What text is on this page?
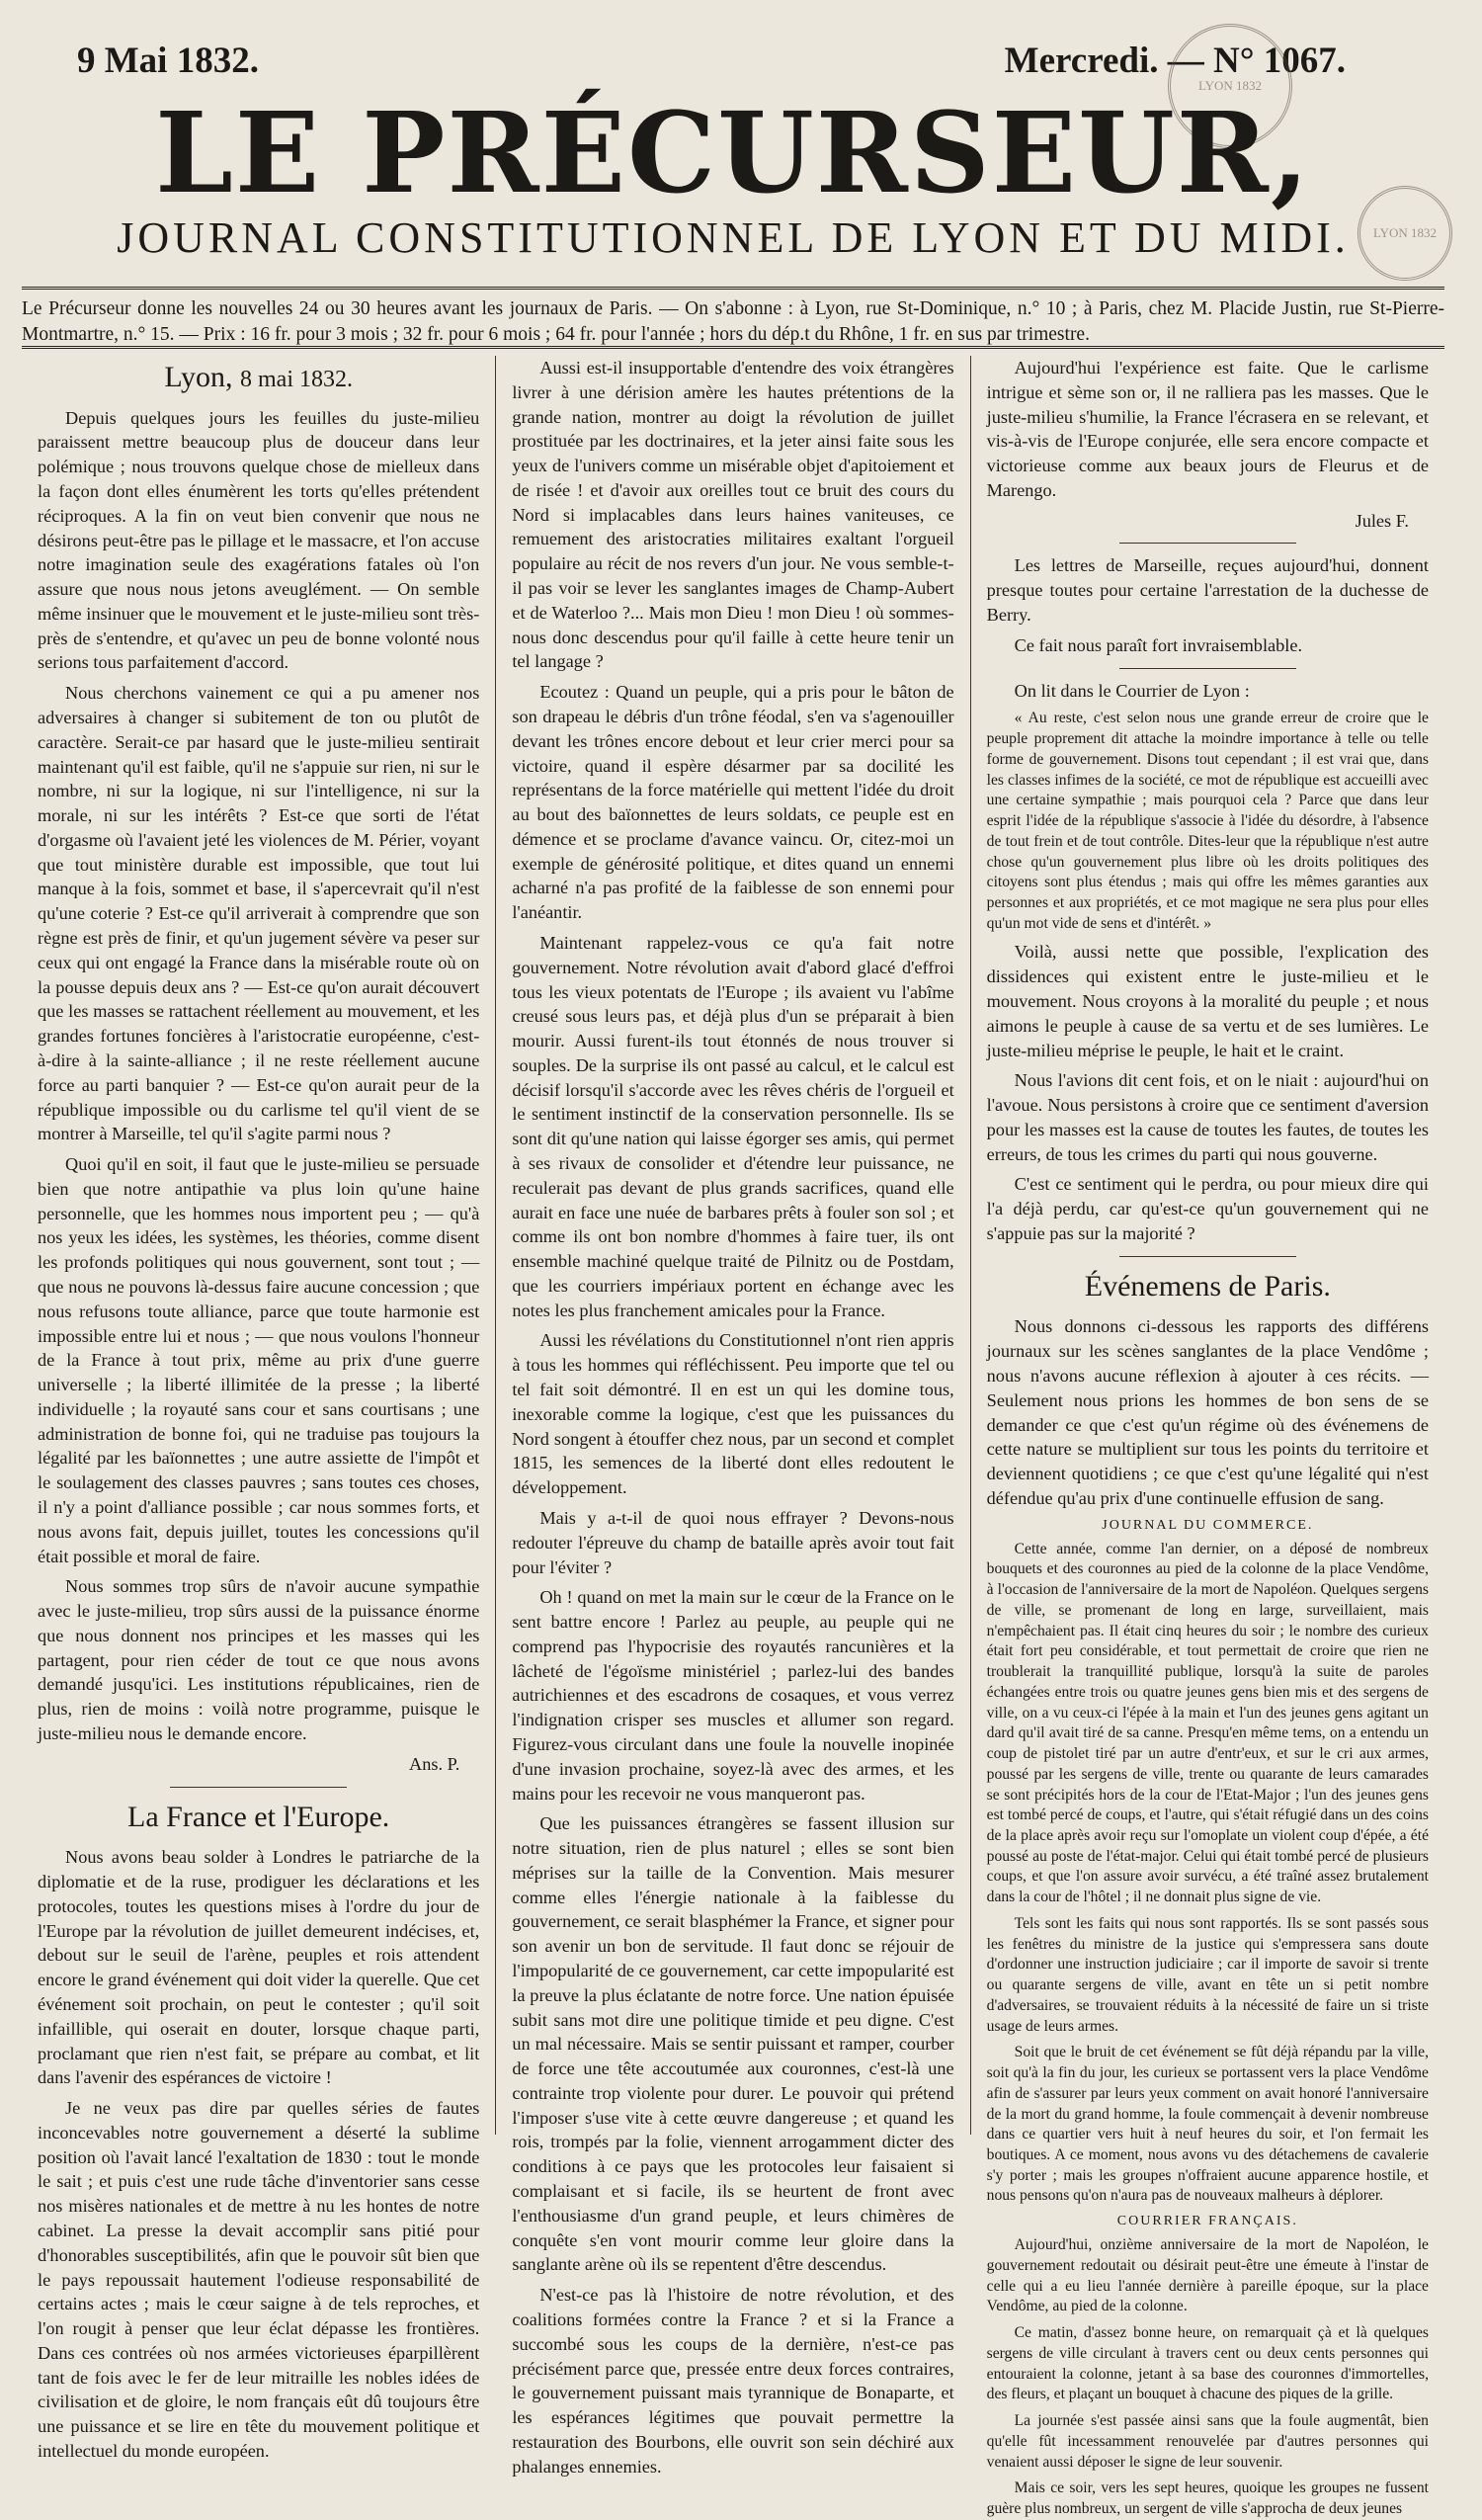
9 Mai 1832.	Mercredi. — N° 1067.
LYON 1832
LYON 1832
LE PRÉCURSEUR,
JOURNAL CONSTITUTIONNEL DE LYON ET DU MIDI.
Le Précurseur donne les nouvelles 24 ou 30 heures avant les journaux de Paris. — On s'abonne : à Lyon, rue St-Dominique, n.° 10 ; à Paris, chez M. Placide Justin, rue St-Pierre-Montmartre, n.° 15. — Prix : 16 fr. pour 3 mois ; 32 fr. pour 6 mois ; 64 fr. pour l'année ; hors du dép.t du Rhône, 1 fr. en sus par trimestre.
Lyon, 8 mai 1832.

Depuis quelques jours les feuilles du juste-milieu paraissent mettre beaucoup plus de douceur dans leur polémique ; nous trouvons quelque chose de mielleux dans la façon dont elles énumèrent les torts qu'elles prétendent réciproques. A la fin on veut bien convenir que nous ne désirons peut-être pas le pillage et le massacre, et l'on accuse notre imagination seule des exagérations fatales où l'on assure que nous nous jetons aveuglément. — On semble même insinuer que le mouvement et le juste-milieu sont très-près de s'entendre, et qu'avec un peu de bonne volonté nous serions tous parfaitement d'accord.

Nous cherchons vainement ce qui a pu amener nos adversaires à changer si subitement de ton ou plutôt de caractère. Serait-ce par hasard que le juste-milieu sentirait maintenant qu'il est faible, qu'il ne s'appuie sur rien, ni sur le nombre, ni sur la logique, ni sur l'intelligence, ni sur la morale, ni sur les intérêts ? Est-ce que sorti de l'état d'orgasme où l'avaient jeté les violences de M. Périer, voyant que tout ministère durable est impossible, que tout lui manque à la fois, sommet et base, il s'apercevrait qu'il n'est qu'une coterie ? Est-ce qu'il arriverait à comprendre que son règne est près de finir, et qu'un jugement sévère va peser sur ceux qui ont engagé la France dans la misérable route où on la pousse depuis deux ans ? — Est-ce qu'on aurait découvert que les masses se rattachent réellement au mouvement, et les grandes fortunes foncières à l'aristocratie européenne, c'est-à-dire à la sainte-alliance ; il ne reste réellement aucune force au parti banquier ? — Est-ce qu'on aurait peur de la république impossible ou du carlisme tel qu'il vient de se montrer à Marseille, tel qu'il s'agite parmi nous ?

Quoi qu'il en soit, il faut que le juste-milieu se persuade bien que notre antipathie va plus loin qu'une haine personnelle, que les hommes nous importent peu ; — qu'à nos yeux les idées, les systèmes, les théories, comme disent les profonds politiques qui nous gouvernent, sont tout ; — que nous ne pouvons là-dessus faire aucune concession ; que nous refusons toute alliance, parce que toute harmonie est impossible entre lui et nous ; — que nous voulons l'honneur de la France à tout prix, même au prix d'une guerre universelle ; la liberté illimitée de la presse ; la liberté individuelle ; la royauté sans cour et sans courtisans ; une administration de bonne foi, qui ne traduise pas toujours la légalité par les baïonnettes ; une autre assiette de l'impôt et le soulagement des classes pauvres ; sans toutes ces choses, il n'y a point d'alliance possible ; car nous sommes forts, et nous avons fait, depuis juillet, toutes les concessions qu'il était possible et moral de faire.

Nous sommes trop sûrs de n'avoir aucune sympathie avec le juste-milieu, trop sûrs aussi de la puissance énorme que nous donnent nos principes et les masses qui les partagent, pour rien céder de tout ce que nous avons demandé jusqu'ici. Les institutions républicaines, rien de plus, rien de moins : voilà notre programme, puisque le juste-milieu nous le demande encore.

Ans. P.
La France et l'Europe.

Nous avons beau solder à Londres le patriarche de la diplomatie et de la ruse, prodiguer les déclarations et les protocoles, toutes les questions mises à l'ordre du jour de l'Europe par la révolution de juillet demeurent indécises, et, debout sur le seuil de l'arène, peuples et rois attendent encore le grand événement qui doit vider la querelle. Que cet événement soit prochain, on peut le contester ; qu'il soit infaillible, qui oserait en douter, lorsque chaque parti, proclamant que rien n'est fait, se prépare au combat, et lit dans l'avenir des espérances de victoire !

Je ne veux pas dire par quelles séries de fautes inconcevables notre gouvernement a déserté la sublime position où l'avait lancé l'exaltation de 1830 : tout le monde le sait ; et puis c'est une rude tâche d'inventorier sans cesse nos misères nationales et de mettre à nu les hontes de notre cabinet. La presse la devait accomplir sans pitié pour d'honorables susceptibilités, afin que le pouvoir sût bien que le pays repoussait hautement l'odieuse responsabilité de certains actes ; mais le cœur saigne à de tels reproches, et l'on rougit à penser que leur éclat dépasse les frontières. Dans ces contrées où nos armées victorieuses éparpillèrent tant de fois avec le fer de leur mitraille les nobles idées de civilisation et de gloire, le nom français eût dû toujours être une puissance et se lire en tête du mouvement politique et intellectuel du monde européen.

Aussi est-il insupportable d'entendre des voix étrangères livrer à une dérision amère les hautes prétentions de la grande nation, montrer au doigt la révolution de juillet prostituée par les doctrinaires, et la jeter ainsi faite sous les yeux de l'univers comme un misérable objet d'apitoiement et de risée ! et d'avoir aux oreilles tout ce bruit des cours du Nord si implacables dans leurs haines vaniteuses, ce remuement des aristocraties militaires exaltant l'orgueil populaire au récit de nos revers d'un jour. Ne vous semble-t-il pas voir se lever les sanglantes images de Champ-Aubert et de Waterloo ?... Mais mon Dieu ! mon Dieu ! où sommes-nous donc descendus pour qu'il faille à cette heure tenir un tel langage ?

Ecoutez : Quand un peuple, qui a pris pour le bâton de son drapeau le débris d'un trône féodal, s'en va s'agenouiller devant les trônes encore debout et leur crier merci pour sa victoire, quand il espère désarmer par sa docilité les représentans de la force matérielle qui mettent l'idée du droit au bout des baïonnettes de leurs soldats, ce peuple est en démence et se proclame d'avance vaincu. Or, citez-moi un exemple de générosité politique, et dites quand un ennemi acharné n'a pas profité de la faiblesse de son ennemi pour l'anéantir.

Maintenant rappelez-vous ce qu'a fait notre gouvernement. Notre révolution avait d'abord glacé d'effroi tous les vieux potentats de l'Europe ; ils avaient vu l'abîme creusé sous leurs pas, et déjà plus d'un se préparait à bien mourir. Aussi furent-ils tout étonnés de nous trouver si souples. De la surprise ils ont passé au calcul, et le calcul est décisif lorsqu'il s'accorde avec les rêves chéris de l'orgueil et le sentiment instinctif de la conservation personnelle. Ils se sont dit qu'une nation qui laisse égorger ses amis, qui permet à ses rivaux de consolider et d'étendre leur puissance, ne reculerait pas devant de plus grands sacrifices, quand elle aurait en face une nuée de barbares prêts à fouler son sol ; et comme ils ont bon nombre d'hommes à faire tuer, ils ont ensemble machiné quelque traité de Pilnitz ou de Postdam, que les courriers impériaux portent en échange avec les notes les plus franchement amicales pour la France.

Aussi les révélations du Constitutionnel n'ont rien appris à tous les hommes qui réfléchissent. Peu importe que tel ou tel fait soit démontré. Il en est un qui les domine tous, inexorable comme la logique, c'est que les puissances du Nord songent à étouffer chez nous, par un second et complet 1815, les semences de la liberté dont elles redoutent le développement.

Mais y a-t-il de quoi nous effrayer ? Devons-nous redouter l'épreuve du champ de bataille après avoir tout fait pour l'éviter ?

Oh ! quand on met la main sur le cœur de la France on le sent battre encore ! Parlez au peuple, au peuple qui ne comprend pas l'hypocrisie des royautés rancunières et la lâcheté de l'égoïsme ministériel ; parlez-lui des bandes autrichiennes et des escadrons de cosaques, et vous verrez l'indignation crisper ses muscles et allumer son regard. Figurez-vous circulant dans une foule la nouvelle inopinée d'une invasion prochaine, soyez-là avec des armes, et les mains pour les recevoir ne vous manqueront pas.

Que les puissances étrangères se fassent illusion sur notre situation, rien de plus naturel ; elles se sont bien méprises sur la taille de la Convention. Mais mesurer comme elles l'énergie nationale à la faiblesse du gouvernement, ce serait blasphémer la France, et signer pour son avenir un bon de servitude. Il faut donc se réjouir de l'impopularité de ce gouvernement, car cette impopularité est la preuve la plus éclatante de notre force. Une nation épuisée subit sans mot dire une politique timide et peu digne. C'est un mal nécessaire. Mais se sentir puissant et ramper, courber de force une tête accoutumée aux couronnes, c'est-là une contrainte trop violente pour durer. Le pouvoir qui prétend l'imposer s'use vite à cette œuvre dangereuse ; et quand les rois, trompés par la folie, viennent arrogamment dicter des conditions à ce pays que les protocoles leur faisaient si complaisant et si facile, ils se heurtent de front avec l'enthousiasme d'un grand peuple, et leurs chimères de conquête s'en vont mourir comme leur gloire dans la sanglante arène où ils se repentent d'être descendus.

N'est-ce pas là l'histoire de notre révolution, et des coalitions formées contre la France ? et si la France a succombé sous les coups de la dernière, n'est-ce pas précisément parce que, pressée entre deux forces contraires, le gouvernement puissant mais tyrannique de Bonaparte, et les espérances légitimes que pouvait permettre la restauration des Bourbons, elle ouvrit son sein déchiré aux phalanges ennemies.

Aujourd'hui l'expérience est faite. Que le carlisme intrigue et sème son or, il ne ralliera pas les masses. Que le juste-milieu s'humilie, la France l'écrasera en se relevant, et vis-à-vis de l'Europe conjurée, elle sera encore compacte et victorieuse comme aux beaux jours de Fleurus et de Marengo.

Jules F.

Les lettres de Marseille, reçues aujourd'hui, donnent presque toutes pour certaine l'arrestation de la duchesse de Berry.

Ce fait nous paraît fort invraisemblable.

On lit dans le Courrier de Lyon :

« Au reste, c'est selon nous une grande erreur de croire que le peuple proprement dit attache la moindre importance à telle ou telle forme de gouvernement. Disons tout cependant ; il est vrai que, dans les classes infimes de la société, ce mot de république est accueilli avec une certaine sympathie ; mais pourquoi cela ? Parce que dans leur esprit l'idée de la république s'associe à l'idée du désordre, à l'absence de tout frein et de tout contrôle. Dites-leur que la république n'est autre chose qu'un gouvernement plus libre où les droits politiques des citoyens sont plus étendus ; mais qui offre les mêmes garanties aux personnes et aux propriétés, et ce mot magique ne sera plus pour elles qu'un mot vide de sens et d'intérêt. »

Voilà, aussi nette que possible, l'explication des dissidences qui existent entre le juste-milieu et le mouvement. Nous croyons à la moralité du peuple ; et nous aimons le peuple à cause de sa vertu et de ses lumières. Le juste-milieu méprise le peuple, le hait et le craint.

Nous l'avions dit cent fois, et on le niait : aujourd'hui on l'avoue. Nous persistons à croire que ce sentiment d'aversion pour les masses est la cause de toutes les fautes, de toutes les erreurs, de tous les crimes du parti qui nous gouverne.

C'est ce sentiment qui le perdra, ou pour mieux dire qui l'a déjà perdu, car qu'est-ce qu'un gouvernement qui ne s'appuie pas sur la majorité ?

Événemens de Paris.

Nous donnons ci-dessous les rapports des différens journaux sur les scènes sanglantes de la place Vendôme ; nous n'avons aucune réflexion à ajouter à ces récits. — Seulement nous prions les hommes de bon sens de se demander ce que c'est qu'un régime où des événemens de cette nature se multiplient sur tous les points du territoire et deviennent quotidiens ; ce que c'est qu'une légalité qui n'est défendue qu'au prix d'une continuelle effusion de sang.

JOURNAL DU COMMERCE.

Cette année, comme l'an dernier, on a déposé de nombreux bouquets et des couronnes au pied de la colonne de la place Vendôme, à l'occasion de l'anniversaire de la mort de Napoléon. Quelques sergens de ville, se promenant de long en large, surveillaient, mais n'empêchaient pas. Il était cinq heures du soir ; le nombre des curieux était fort peu considérable, et tout permettait de croire que rien ne troublerait la tranquillité publique, lorsqu'à la suite de paroles échangées entre trois ou quatre jeunes gens bien mis et des sergens de ville, on a vu ceux-ci l'épée à la main et l'un des jeunes gens agitant un dard qu'il avait tiré de sa canne. Presqu'en même tems, on a entendu un coup de pistolet tiré par un autre d'entr'eux, et sur le cri aux armes, poussé par les sergens de ville, trente ou quarante de leurs camarades se sont précipités hors de la cour de l'Etat-Major ; l'un des jeunes gens est tombé percé de coups, et l'autre, qui s'était réfugié dans un des coins de la place après avoir reçu sur l'omoplate un violent coup d'épée, a été poussé au poste de l'état-major. Celui qui était tombé percé de plusieurs coups, et que l'on assure avoir survécu, a été traîné assez brutalement dans la cour de l'hôtel ; il ne donnait plus signe de vie.

Tels sont les faits qui nous sont rapportés. Ils se sont passés sous les fenêtres du ministre de la justice qui s'empressera sans doute d'ordonner une instruction judiciaire ; car il importe de savoir si trente ou quarante sergens de ville, avant en tête un si petit nombre d'adversaires, se trouvaient réduits à la nécessité de faire un si triste usage de leurs armes.

Soit que le bruit de cet événement se fût déjà répandu par la ville, soit qu'à la fin du jour, les curieux se portassent vers la place Vendôme afin de s'assurer par leurs yeux comment on avait honoré l'anniversaire de la mort du grand homme, la foule commençait à devenir nombreuse dans ce quartier vers huit à neuf heures du soir, et l'on fermait les boutiques. A ce moment, nous avons vu des détachemens de cavalerie s'y porter ; mais les groupes n'offraient aucune apparence hostile, et nous pensons qu'on n'aura pas de nouveaux malheurs à déplorer.

COURRIER FRANÇAIS.

Aujourd'hui, onzième anniversaire de la mort de Napoléon, le gouvernement redoutait ou désirait peut-être une émeute à l'instar de celle qui a eu lieu l'année dernière à pareille époque, sur la place Vendôme, au pied de la colonne.

Ce matin, d'assez bonne heure, on remarquait çà et là quelques sergens de ville circulant à travers cent ou deux cents personnes qui entouraient la colonne, jetant à sa base des couronnes d'immortelles, des fleurs, et plaçant un bouquet à chacune des piques de la grille.

La journée s'est passée ainsi sans que la foule augmentât, bien qu'elle fût incessamment renouvelée par d'autres personnes qui venaient aussi déposer le signe de leur souvenir.

Mais ce soir, vers les sept heures, quoique les groupes ne fussent guère plus nombreux, un sergent de ville s'approcha de deux jeunes
